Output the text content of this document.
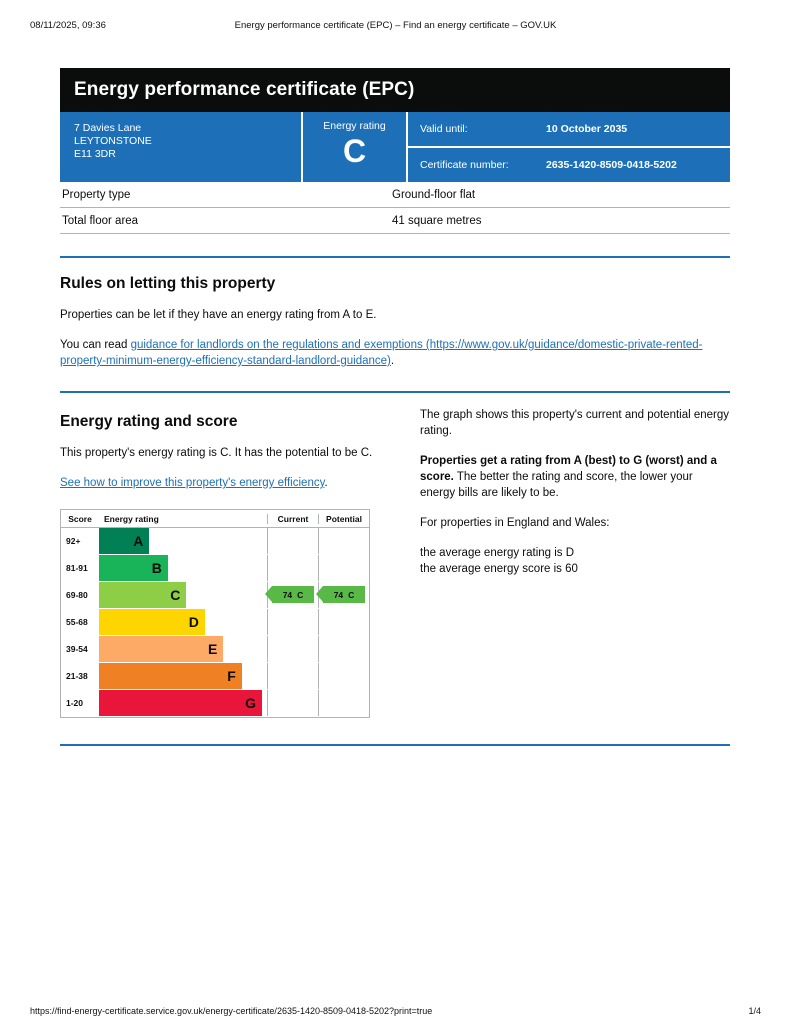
08/11/2025, 09:36	Energy performance certificate (EPC) – Find an energy certificate – GOV.UK
Energy performance certificate (EPC)
7 Davies Lane
LEYTONSTONE
E11 3DR
Energy rating
C
Valid until:	10 October 2035
Certificate number:	2635-1420-8509-0418-5202
Property type	Ground-floor flat
Total floor area	41 square metres
Rules on letting this property

Properties can be let if they have an energy rating from A to E.

You can read guidance for landlords on the regulations and exemptions (https://www.gov.uk/guidance/domestic-private-rented-property-minimum-energy-efficiency-standard-landlord-guidance).

Energy rating and score

This property's energy rating is C. It has the potential to be C.

See how to improve this property's energy efficiency.

Score	Energy rating	Current	Potential
92+	A
81-91	B
69-80	C	74 C	74 C
55-68	D
39-54	E
21-38	F
1-20	G

The graph shows this property's current and potential energy rating.

Properties get a rating from A (best) to G (worst) and a score. The better the rating and score, the lower your energy bills are likely to be.

For properties in England and Wales:

the average energy rating is D
the average energy score is 60

https://find-energy-certificate.service.gov.uk/energy-certificate/2635-1420-8509-0418-5202?print=true	1/4
